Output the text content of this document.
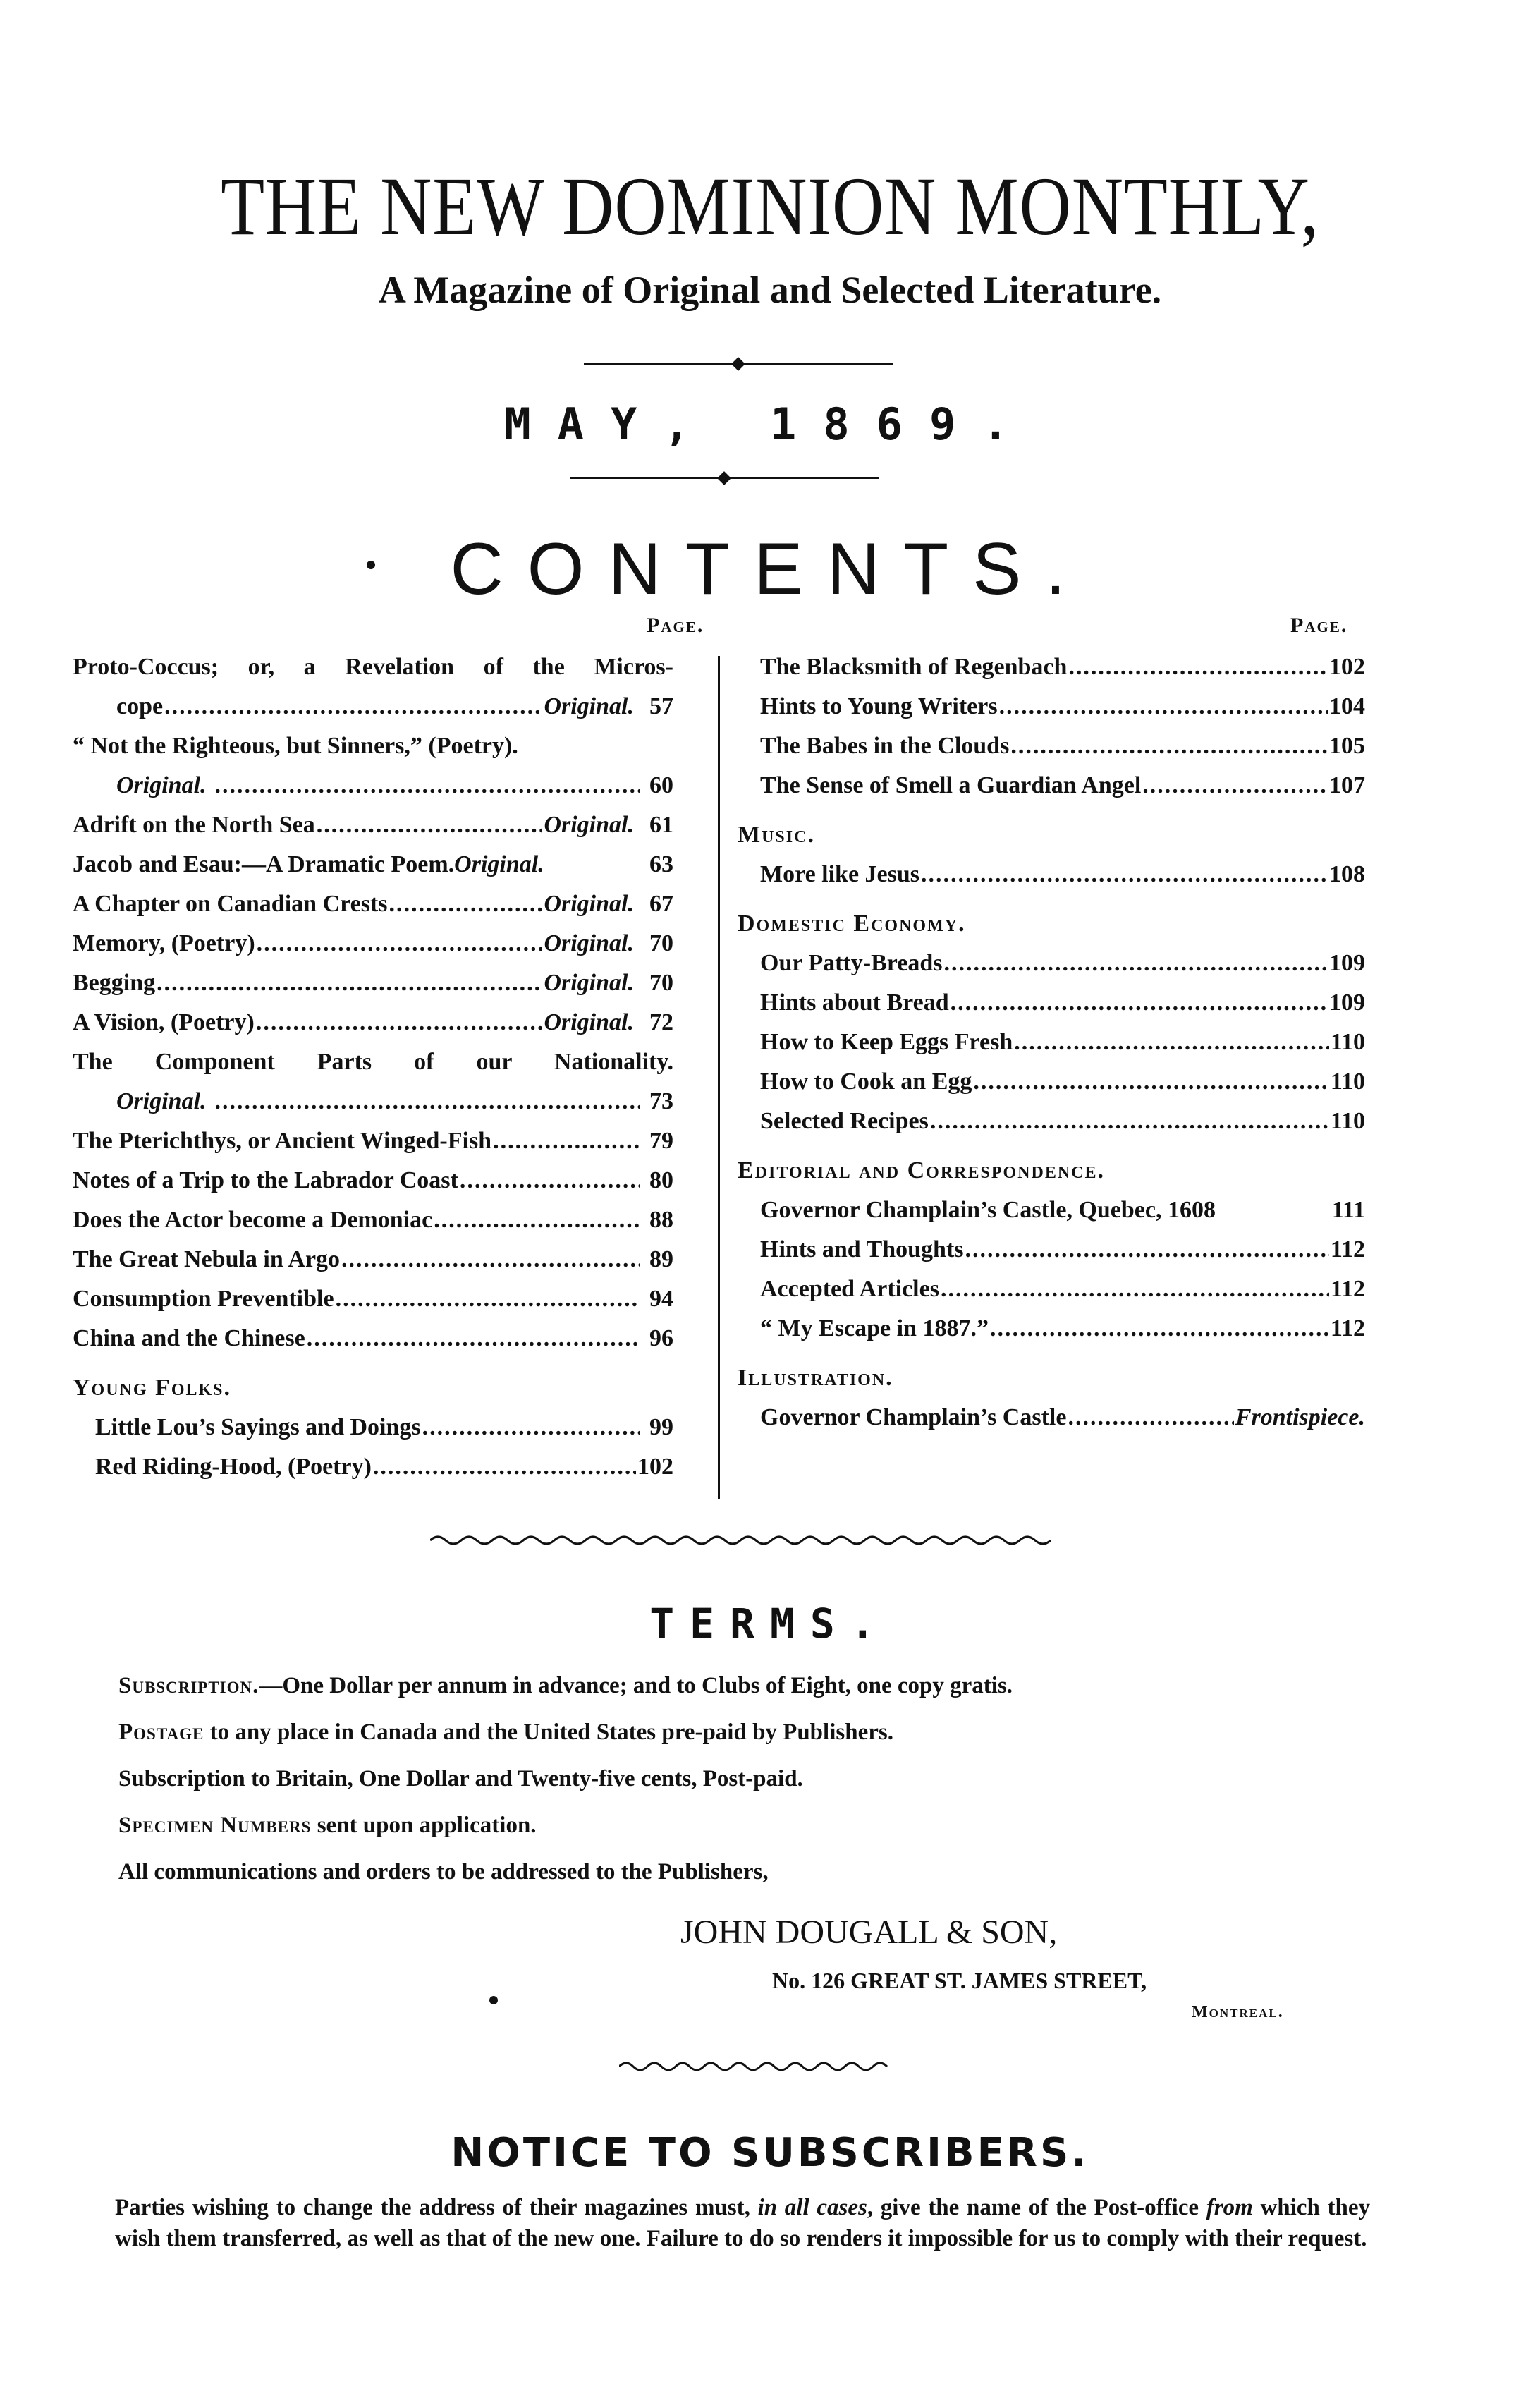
THE NEW DOMINION MONTHLY,
A Magazine of Original and Selected Literature.
MAY, 1869.
CONTENTS.
Page.	Page.
Proto-Coccus; or, a Revelation of the Micros-
cope .....	Original. 57
“ Not the Righteous, but Sinners,” (Poetry).
Original. .....	60
Adrift on the North Sea .....	Original. 61
Jacob and Esau:—A Dramatic Poem. Original.	63
A Chapter on Canadian Crests .....	Original. 67
Memory, (Poetry) .....	Original. 70
Begging .....	Original. 70
A Vision, (Poetry) .....	Original. 72
The Component Parts of our Nationality.
Original. .....	73
The Pterichthys, or Ancient Winged-Fish .....	79
Notes of a Trip to the Labrador Coast .....	80
Does the Actor become a Demoniac .....	88
The Great Nebula in Argo .....	89
Consumption Preventible .....	94
China and the Chinese .....	96
Young Folks.
Little Lou’s Sayings and Doings .....	99
Red Riding-Hood, (Poetry) .....	102
The Blacksmith of Regenbach .....	102
Hints to Young Writers .....	104
The Babes in the Clouds .....	105
The Sense of Smell a Guardian Angel .....	107
Music.
More like Jesus .....	108
Domestic Economy.
Our Patty-Breads .....	109
Hints about Bread .....	109
How to Keep Eggs Fresh .....	110
How to Cook an Egg .....	110
Selected Recipes .....	110
Editorial and Correspondence.
Governor Champlain’s Castle, Quebec, 1608	111
Hints and Thoughts .....	112
Accepted Articles .....	112
“ My Escape in 1887.” .....	112
Illustration.
Governor Champlain’s Castle .....	Frontispiece.
TERMS.
Subscription.—One Dollar per annum in advance; and to Clubs of Eight, one copy gratis.
Postage to any place in Canada and the United States pre-paid by Publishers.
Subscription to Britain, One Dollar and Twenty-five cents, Post-paid.
Specimen Numbers sent upon application.
All communications and orders to be addressed to the Publishers,
JOHN DOUGALL & SON,
No. 126 GREAT ST. JAMES STREET,
Montreal.
NOTICE TO SUBSCRIBERS.
Parties wishing to change the address of their magazines must, in all cases, give the name of the Post-office from which they wish them transferred, as well as that of the new one. Failure to do so renders it impossible for us to comply with their request.
